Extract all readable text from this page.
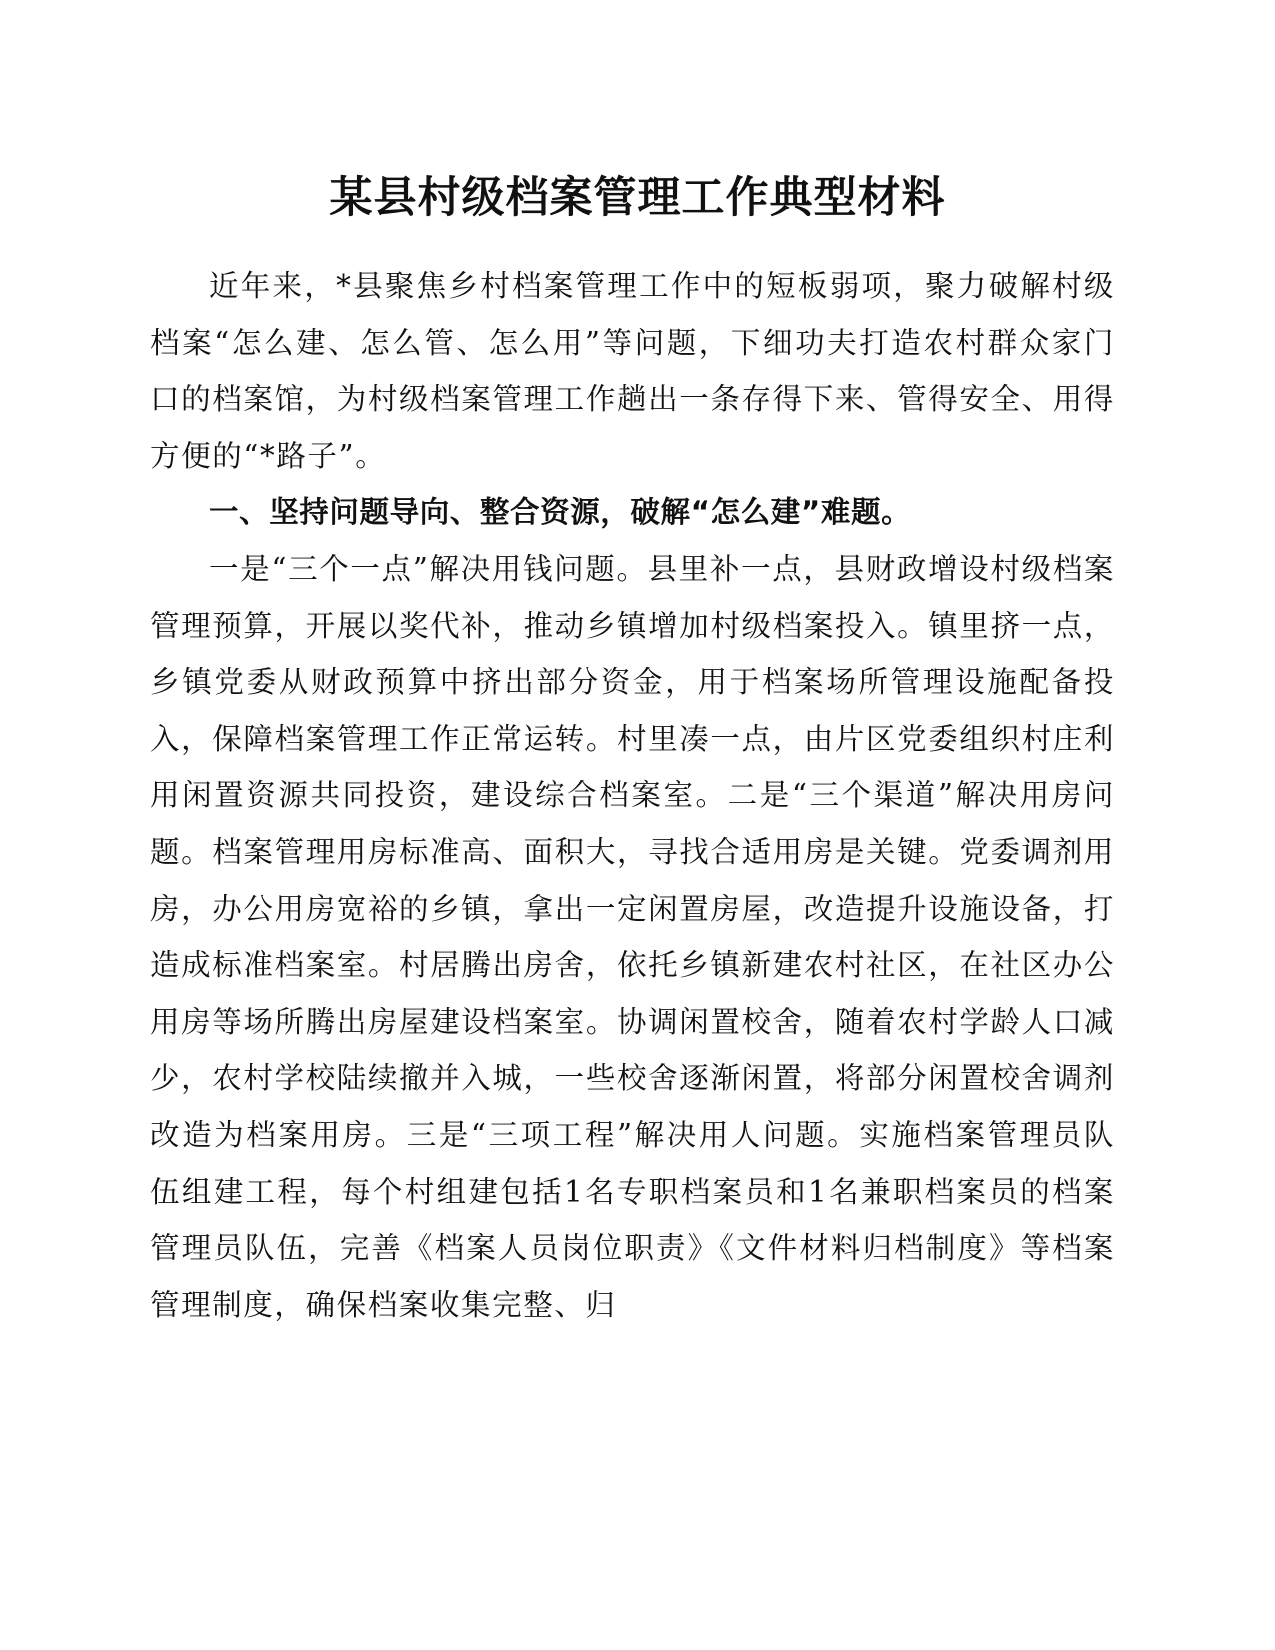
某县村级档案管理工作典型材料

近年来，*县聚焦乡村档案管理工作中的短板弱项，聚力破解村级档案“怎么建、怎么管、怎么用”等问题，下细功夫打造农村群众家门口的档案馆，为村级档案管理工作趟出一条存得下来、管得安全、用得方便的“*路子”。

一、坚持问题导向、整合资源，破解“怎么建”难题。

一是“三个一点”解决用钱问题。县里补一点，县财政增设村级档案管理预算，开展以奖代补，推动乡镇增加村级档案投入。镇里挤一点，乡镇党委从财政预算中挤出部分资金，用于档案场所管理设施配备投入，保障档案管理工作正常运转。村里凑一点，由片区党委组织村庄利用闲置资源共同投资，建设综合档案室。二是“三个渠道”解决用房问题。档案管理用房标准高、面积大，寻找合适用房是关键。党委调剂用房，办公用房宽裕的乡镇，拿出一定闲置房屋，改造提升设施设备，打造成标准档案室。村居腾出房舍，依托乡镇新建农村社区，在社区办公用房等场所腾出房屋建设档案室。协调闲置校舍，随着农村学龄人口减少，农村学校陆续撤并入城，一些校舍逐渐闲置，将部分闲置校舍调剂改造为档案用房。三是“三项工程”解决用人问题。实施档案管理员队伍组建工程，每个村组建包括1名专职档案员和1名兼职档案员的档案管理员队伍，完善《档案人员岗位职责》《文件材料归档制度》等档案管理制度，确保档案收集完整、归
